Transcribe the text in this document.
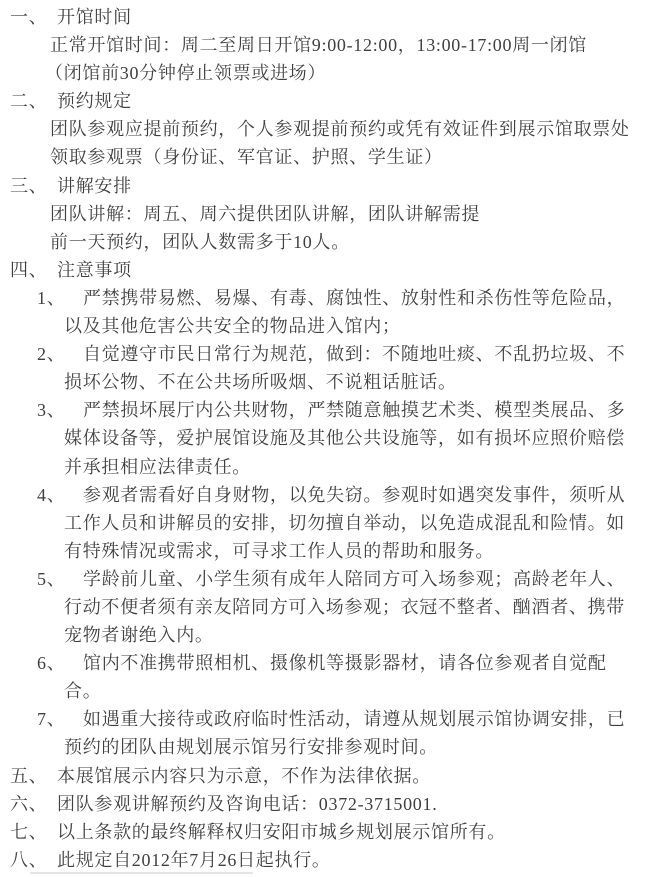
一、 开馆时间
正常开馆时间：周二至周日开馆9:00-12:00，13:00-17:00周一闭馆
（闭馆前30分钟停止领票或进场）
二、 预约规定
团队参观应提前预约，个人参观提前预约或凭有效证件到展示馆取票处
领取参观票（身份证、军官证、护照、学生证）
三、 讲解安排
团队讲解：周五、周六提供团队讲解，团队讲解需提
前一天预约，团队人数需多于10人。
四、 注意事项
1、 严禁携带易燃、易爆、有毒、腐蚀性、放射性和杀伤性等危险品，
以及其他危害公共安全的物品进入馆内；
2、 自觉遵守市民日常行为规范，做到：不随地吐痰、不乱扔垃圾、不
损坏公物、不在公共场所吸烟、不说粗话脏话。
3、 严禁损坏展厅内公共财物，严禁随意触摸艺术类、模型类展品、多
媒体设备等，爱护展馆设施及其他公共设施等，如有损坏应照价赔偿
并承担相应法律责任。
4、 参观者需看好自身财物，以免失窃。参观时如遇突发事件，须听从
工作人员和讲解员的安排，切勿擅自举动，以免造成混乱和险情。如
有特殊情况或需求，可寻求工作人员的帮助和服务。
5、 学龄前儿童、小学生须有成年人陪同方可入场参观；高龄老年人、
行动不便者须有亲友陪同方可入场参观；衣冠不整者、酗酒者、携带
宠物者谢绝入内。
6、 馆内不准携带照相机、摄像机等摄影器材，请各位参观者自觉配
合。
7、 如遇重大接待或政府临时性活动，请遵从规划展示馆协调安排，已
预约的团队由规划展示馆另行安排参观时间。
五、 本展馆展示内容只为示意，不作为法律依据。
六、 团队参观讲解预约及咨询电话：0372-3715001.
七、 以上条款的最终解释权归安阳市城乡规划展示馆所有。
八、 此规定自2012年7月26日起执行。
